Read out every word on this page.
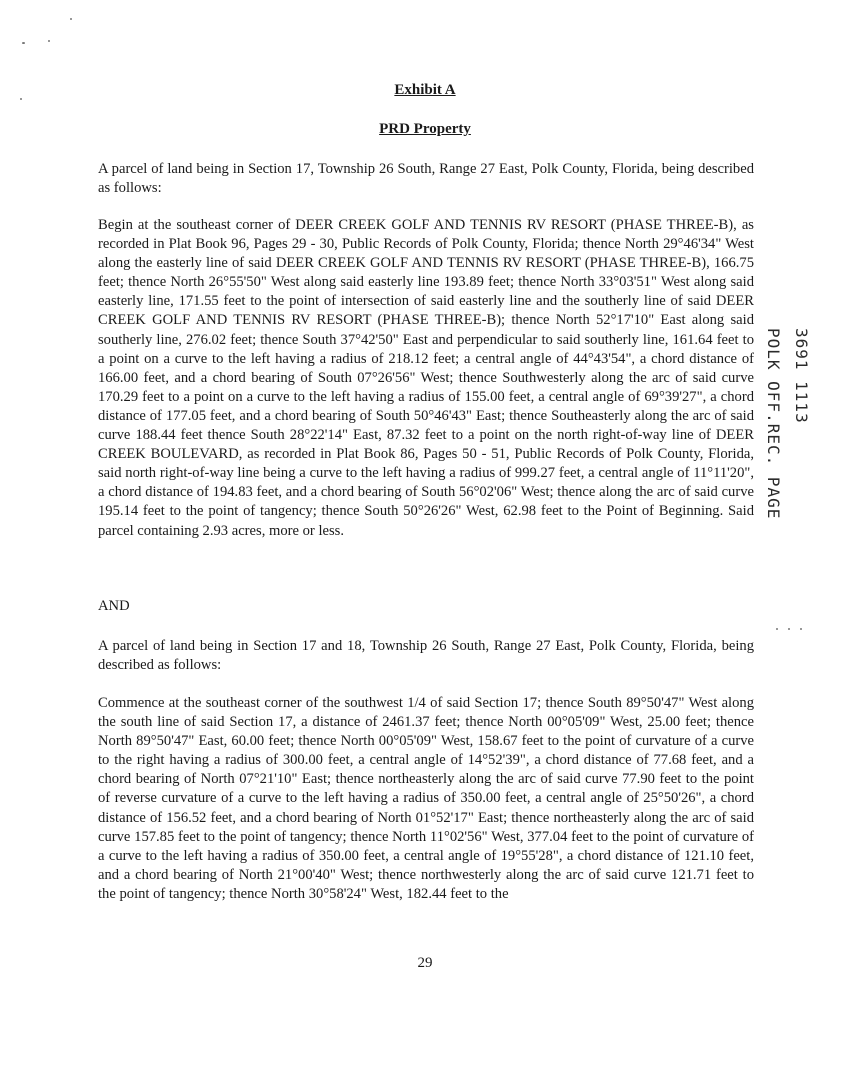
Exhibit A
PRD Property

A parcel of land being in Section 17, Township 26 South, Range 27 East, Polk County, Florida, being described as follows:

Begin at the southeast corner of DEER CREEK GOLF AND TENNIS RV RESORT (PHASE THREE-B), as recorded in Plat Book 96, Pages 29 - 30, Public Records of Polk County, Florida; thence North 29°46'34" West along the easterly line of said DEER CREEK GOLF AND TENNIS RV RESORT (PHASE THREE-B), 166.75 feet; thence North 26°55'50" West along said easterly line 193.89 feet; thence North 33°03'51" West along said easterly line, 171.55 feet to the point of intersection of said easterly line and the southerly line of said DEER CREEK GOLF AND TENNIS RV RESORT (PHASE THREE-B); thence North 52°17'10" East along said southerly line, 276.02 feet; thence South 37°42'50" East and perpendicular to said southerly line, 161.64 feet to a point on a curve to the left having a radius of 218.12 feet; a central angle of 44°43'54", a chord distance of 166.00 feet, and a chord bearing of South 07°26'56" West; thence Southwesterly along the arc of said curve 170.29 feet to a point on a curve to the left having a radius of 155.00 feet, a central angle of 69°39'27", a chord distance of 177.05 feet, and a chord bearing of South 50°46'43" East; thence Southeasterly along the arc of said curve 188.44 feet thence South 28°22'14" East, 87.32 feet to a point on the north right-of-way line of DEER CREEK BOULEVARD, as recorded in Plat Book 86, Pages 50 - 51, Public Records of Polk County, Florida, said north right-of-way line being a curve to the left having a radius of 999.27 feet, a central angle of 11°11'20", a chord distance of 194.83 feet, and a chord bearing of South 56°02'06" West; thence along the arc of said curve 195.14 feet to the point of tangency; thence South 50°26'26" West, 62.98 feet to the Point of Beginning. Said parcel containing 2.93 acres, more or less.

AND

A parcel of land being in Section 17 and 18, Township 26 South, Range 27 East, Polk County, Florida, being described as follows:

Commence at the southeast corner of the southwest 1/4 of said Section 17; thence South 89°50'47" West along the south line of said Section 17, a distance of 2461.37 feet; thence North 00°05'09" West, 25.00 feet; thence North 89°50'47" East, 60.00 feet; thence North 00°05'09" West, 158.67 feet to the point of curvature of a curve to the right having a radius of 300.00 feet, a central angle of 14°52'39", a chord distance of 77.68 feet, and a chord bearing of North 07°21'10" East; thence northeasterly along the arc of said curve 77.90 feet to the point of reverse curvature of a curve to the left having a radius of 350.00 feet, a central angle of 25°50'26", a chord distance of 156.52 feet, and a chord bearing of North 01°52'17" East; thence northeasterly along the arc of said curve 157.85 feet to the point of tangency; thence North 11°02'56" West, 377.04 feet to the point of curvature of a curve to the left having a radius of 350.00 feet, a central angle of 19°55'28", a chord distance of 121.10 feet, and a chord bearing of North 21°00'40" West; thence northwesterly along the arc of said curve 121.71 feet to the point of tangency; thence North 30°58'24" West, 182.44 feet to the

29
POLK OFF.REC. PAGE 3691 1113
